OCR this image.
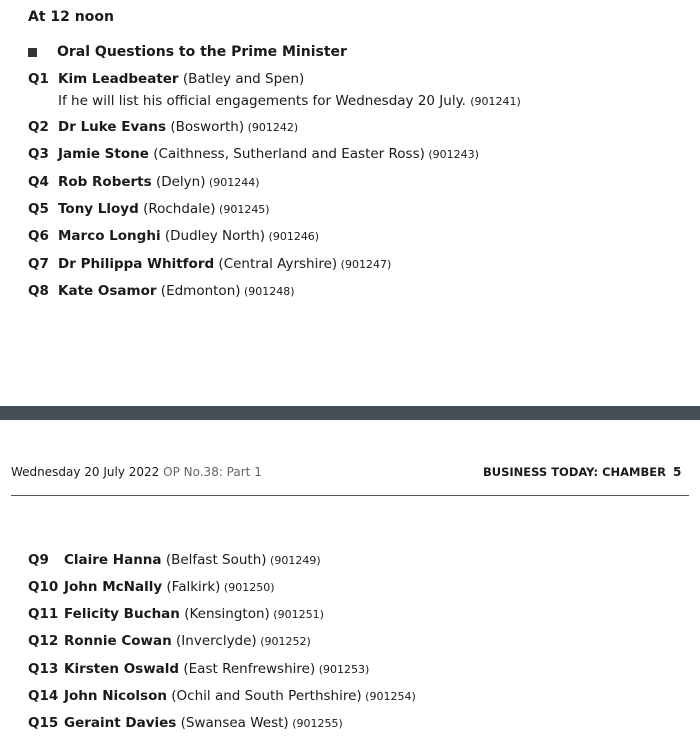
At 12 noon
Oral Questions to the Prime Minister
Q1 Kim Leadbeater (Batley and Spen)
Q2 Dr Luke Evans (Bosworth) (901242)
Q3 Jamie Stone (Caithness, Sutherland and Easter Ross) (901243)
Q4 Rob Roberts (Delyn) (901244)
Q5 Tony Lloyd (Rochdale) (901245)
Q6 Marco Longhi (Dudley North) (901246)
Q7 Dr Philippa Whitford (Central Ayrshire) (901247)
Q8 Kate Osamor (Edmonton) (901248)
If he will list his official engagements for Wednesday 20 July. (901241)
Wednesday 20 July 2022 OP No.38: Part 1	BUSINESS TODAY: CHAMBER 5
Q9 Claire Hanna (Belfast South) (901249)
Q10 John McNally (Falkirk) (901250)
Q11 Felicity Buchan (Kensington) (901251)
Q12 Ronnie Cowan (Inverclyde) (901252)
Q13 Kirsten Oswald (East Renfrewshire) (901253)
Q14 John Nicolson (Ochil and South Perthshire) (901254)
Q15 Geraint Davies (Swansea West) (901255)
